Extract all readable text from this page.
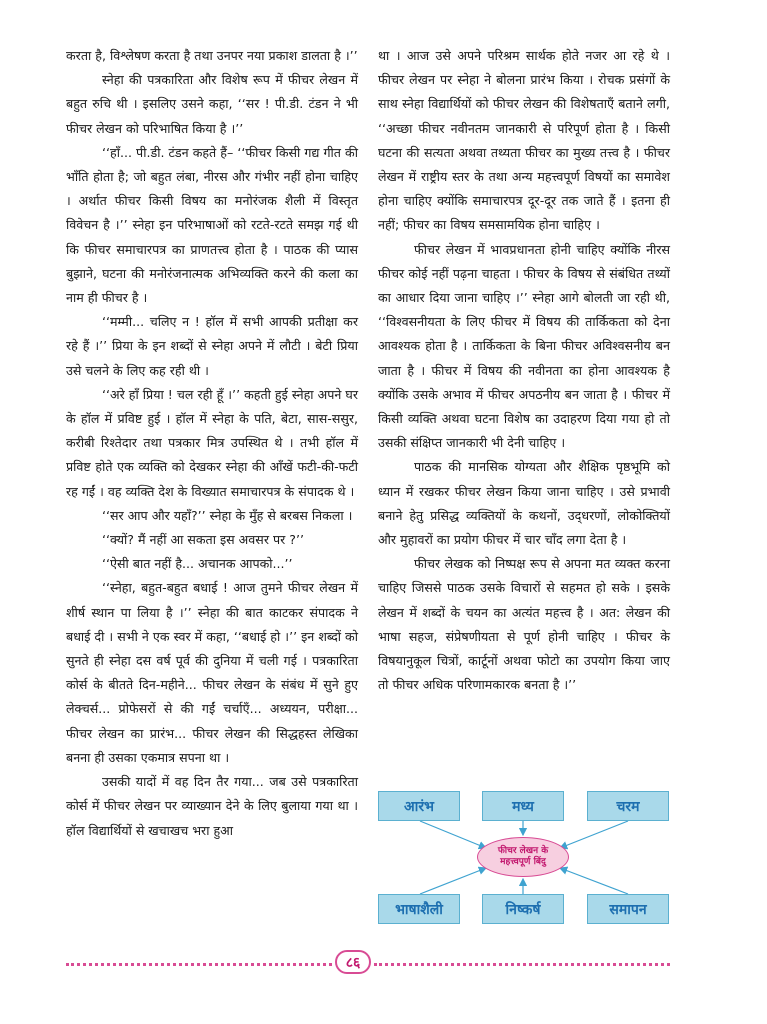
करता है, विश्लेषण करता है तथा उनपर नया प्रकाश डालता है ।’’

स्नेहा की पत्रकारिता और विशेष रूप में फीचर लेखन में बहुत रुचि थी । इसलिए उसने कहा, ‘‘सर ! पी.डी. टंडन ने भी फीचर लेखन को परिभाषित किया है ।’’

‘‘हाँ... पी.डी. टंडन कहते हैं– ‘‘फीचर किसी गद्य गीत की भाँति होता है; जो बहुत लंबा, नीरस और गंभीर नहीं होना चाहिए । अर्थात फीचर किसी विषय का मनोरंजक शैली में विस्तृत विवेचन है ।’’ स्नेहा इन परिभाषाओं को रटते-रटते समझ गई थी कि फीचर समाचारपत्र का प्राणतत्त्व होता है । पाठक की प्यास बुझाने, घटना की मनोरंजनात्मक अभिव्यक्ति करने की कला का नाम ही फीचर है ।

‘‘मम्मी... चलिए न ! हॉल में सभी आपकी प्रतीक्षा कर रहे हैं ।’’ प्रिया के इन शब्दों से स्नेहा अपने में लौटी । बेटी प्रिया उसे चलने के लिए कह रही थी ।

‘‘अरे हाँ प्रिया ! चल रही हूँ ।’’ कहती हुई स्नेहा अपने घर के हॉल में प्रविष्ट हुई । हॉल में स्नेहा के पति, बेटा, सास-ससुर, करीबी रिश्तेदार तथा पत्रकार मित्र उपस्थित थे । तभी हॉल में प्रविष्ट होते एक व्यक्ति को देखकर स्नेहा की आँखें फटी-की-फटी रह गईं । वह व्यक्ति देश के विख्यात समाचारपत्र के संपादक थे ।

‘‘सर आप और यहाँ?’’ स्नेहा के मुँह से बरबस निकला ।

‘‘क्यों? मैं नहीं आ सकता इस अवसर पर ?’’

‘‘ऐसी बात नहीं है... अचानक आपको...’’

‘‘स्नेहा, बहुत-बहुत बधाई ! आज तुमने फीचर लेखन में शीर्ष स्थान पा लिया है ।’’ स्नेहा की बात काटकर संपादक ने बधाई दी । सभी ने एक स्वर में कहा, ‘‘बधाई हो ।’’ इन शब्दों को सुनते ही स्नेहा दस वर्ष पूर्व की दुनिया में चली गई । पत्रकारिता कोर्स के बीतते दिन-महीने... फीचर लेखन के संबंध में सुने हुए लेक्चर्स... प्रोफेसरों से की गईं चर्चाएँ... अध्ययन, परीक्षा... फीचर लेखन का प्रारंभ... फीचर लेखन की सिद्धहस्त लेखिका बनना ही उसका एकमात्र सपना था ।

उसकी यादों में वह दिन तैर गया... जब उसे पत्रकारिता कोर्स में फीचर लेखन पर व्याख्यान देने के लिए बुलाया गया था । हॉल विद्यार्थियों से खचाखच भरा हुआ

था । आज उसे अपने परिश्रम सार्थक होते नजर आ रहे थे । फीचर लेखन पर स्नेहा ने बोलना प्रारंभ किया । रोचक प्रसंगों के साथ स्नेहा विद्यार्थियों को फीचर लेखन की विशेषताएँ बताने लगी, ‘‘अच्छा फीचर नवीनतम जानकारी से परिपूर्ण होता है । किसी घटना की सत्यता अथवा तथ्यता फीचर का मुख्य तत्त्व है । फीचर लेखन में राष्ट्रीय स्तर के तथा अन्य महत्त्वपूर्ण विषयों का समावेश होना चाहिए क्योंकि समाचारपत्र दूर-दूर तक जाते हैं । इतना ही नहीं; फीचर का विषय समसामयिक होना चाहिए ।

फीचर लेखन में भावप्रधानता होनी चाहिए क्योंकि नीरस फीचर कोई नहीं पढ़ना चाहता । फीचर के विषय से संबंधित तथ्यों का आधार दिया जाना चाहिए ।’’ स्नेहा आगे बोलती जा रही थी, ‘‘विश्वसनीयता के लिए फीचर में विषय की तार्किकता को देना आवश्यक होता है । तार्किकता के बिना फीचर अविश्वसनीय बन जाता है । फीचर में विषय की नवीनता का होना आवश्यक है क्योंकि उसके अभाव में फीचर अपठनीय बन जाता है । फीचर में किसी व्यक्ति अथवा घटना विशेष का उदाहरण दिया गया हो तो उसकी संक्षिप्त जानकारी भी देनी चाहिए ।

पाठक की मानसिक योग्यता और शैक्षिक पृष्ठभूमि को ध्यान में रखकर फीचर लेखन किया जाना चाहिए । उसे प्रभावी बनाने हेतु प्रसिद्ध व्यक्तियों के कथनों, उद्‌धरणों, लोकोक्तियों और मुहावरों का प्रयोग फीचर में चार चाँद लगा देता है ।

फीचर लेखक को निष्पक्ष रूप से अपना मत व्यक्त करना चाहिए जिससे पाठक उसके विचारों से सहमत हो सके । इसके लेखन में शब्दों के चयन का अत्यंत महत्त्व है । अत: लेखन की भाषा सहज, संप्रेषणीयता से पूर्ण होनी चाहिए । फीचर के विषयानुकूल चित्रों, कार्टूनों अथवा फोटो का उपयोग किया जाए तो फीचर अधिक परिणामकारक बनता है ।’’

आरंभ	मध्य	चरम
फीचर लेखन के महत्त्वपूर्ण बिंदु
भाषाशैली	निष्कर्ष	समापन
८६
